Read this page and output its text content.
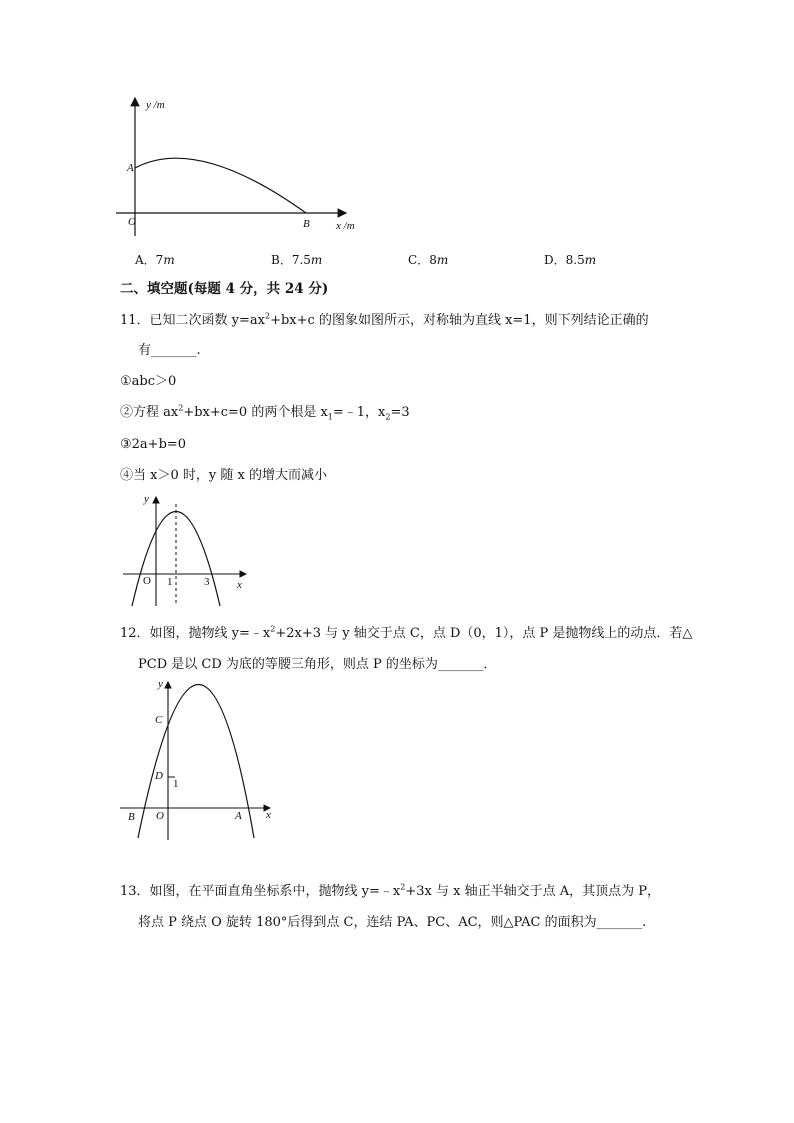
y /m
x /m
O
A
B
A．7m	B．7.5m	C．8m	D．8.5m
二、填空题(每题 4 分，共 24 分)
11．已知二次函数 $y=ax^2+bx+c$ 的图象如图所示，对称轴为直线 x=1，则下列结论正确的
有_______.
①abc＞0
②方程 $ax^2+bx+c=0$ 的两个根是 $x_1=﹣1$，$x_2=3$
③2a+b=0
④当 x＞0 时，y 随 x 的增大而减小
y
x
O 1	3
12．如图，抛物线 $y=﹣x^2+2x+3$ 与 y 轴交于点 C，点 D（0，1），点 P 是抛物线上的动点．若△
PCD 是以 CD 为底的等腰三角形，则点 P 的坐标为_______．
y
x
O
C
D
1
A
B
13．如图，在平面直角坐标系中，抛物线 $y=﹣x^2+3x$ 与 x 轴正半轴交于点 A，其顶点为 P，
将点 P 绕点 O 旋转 180°后得到点 C，连结 PA、PC、AC，则△PAC 的面积为_______.
